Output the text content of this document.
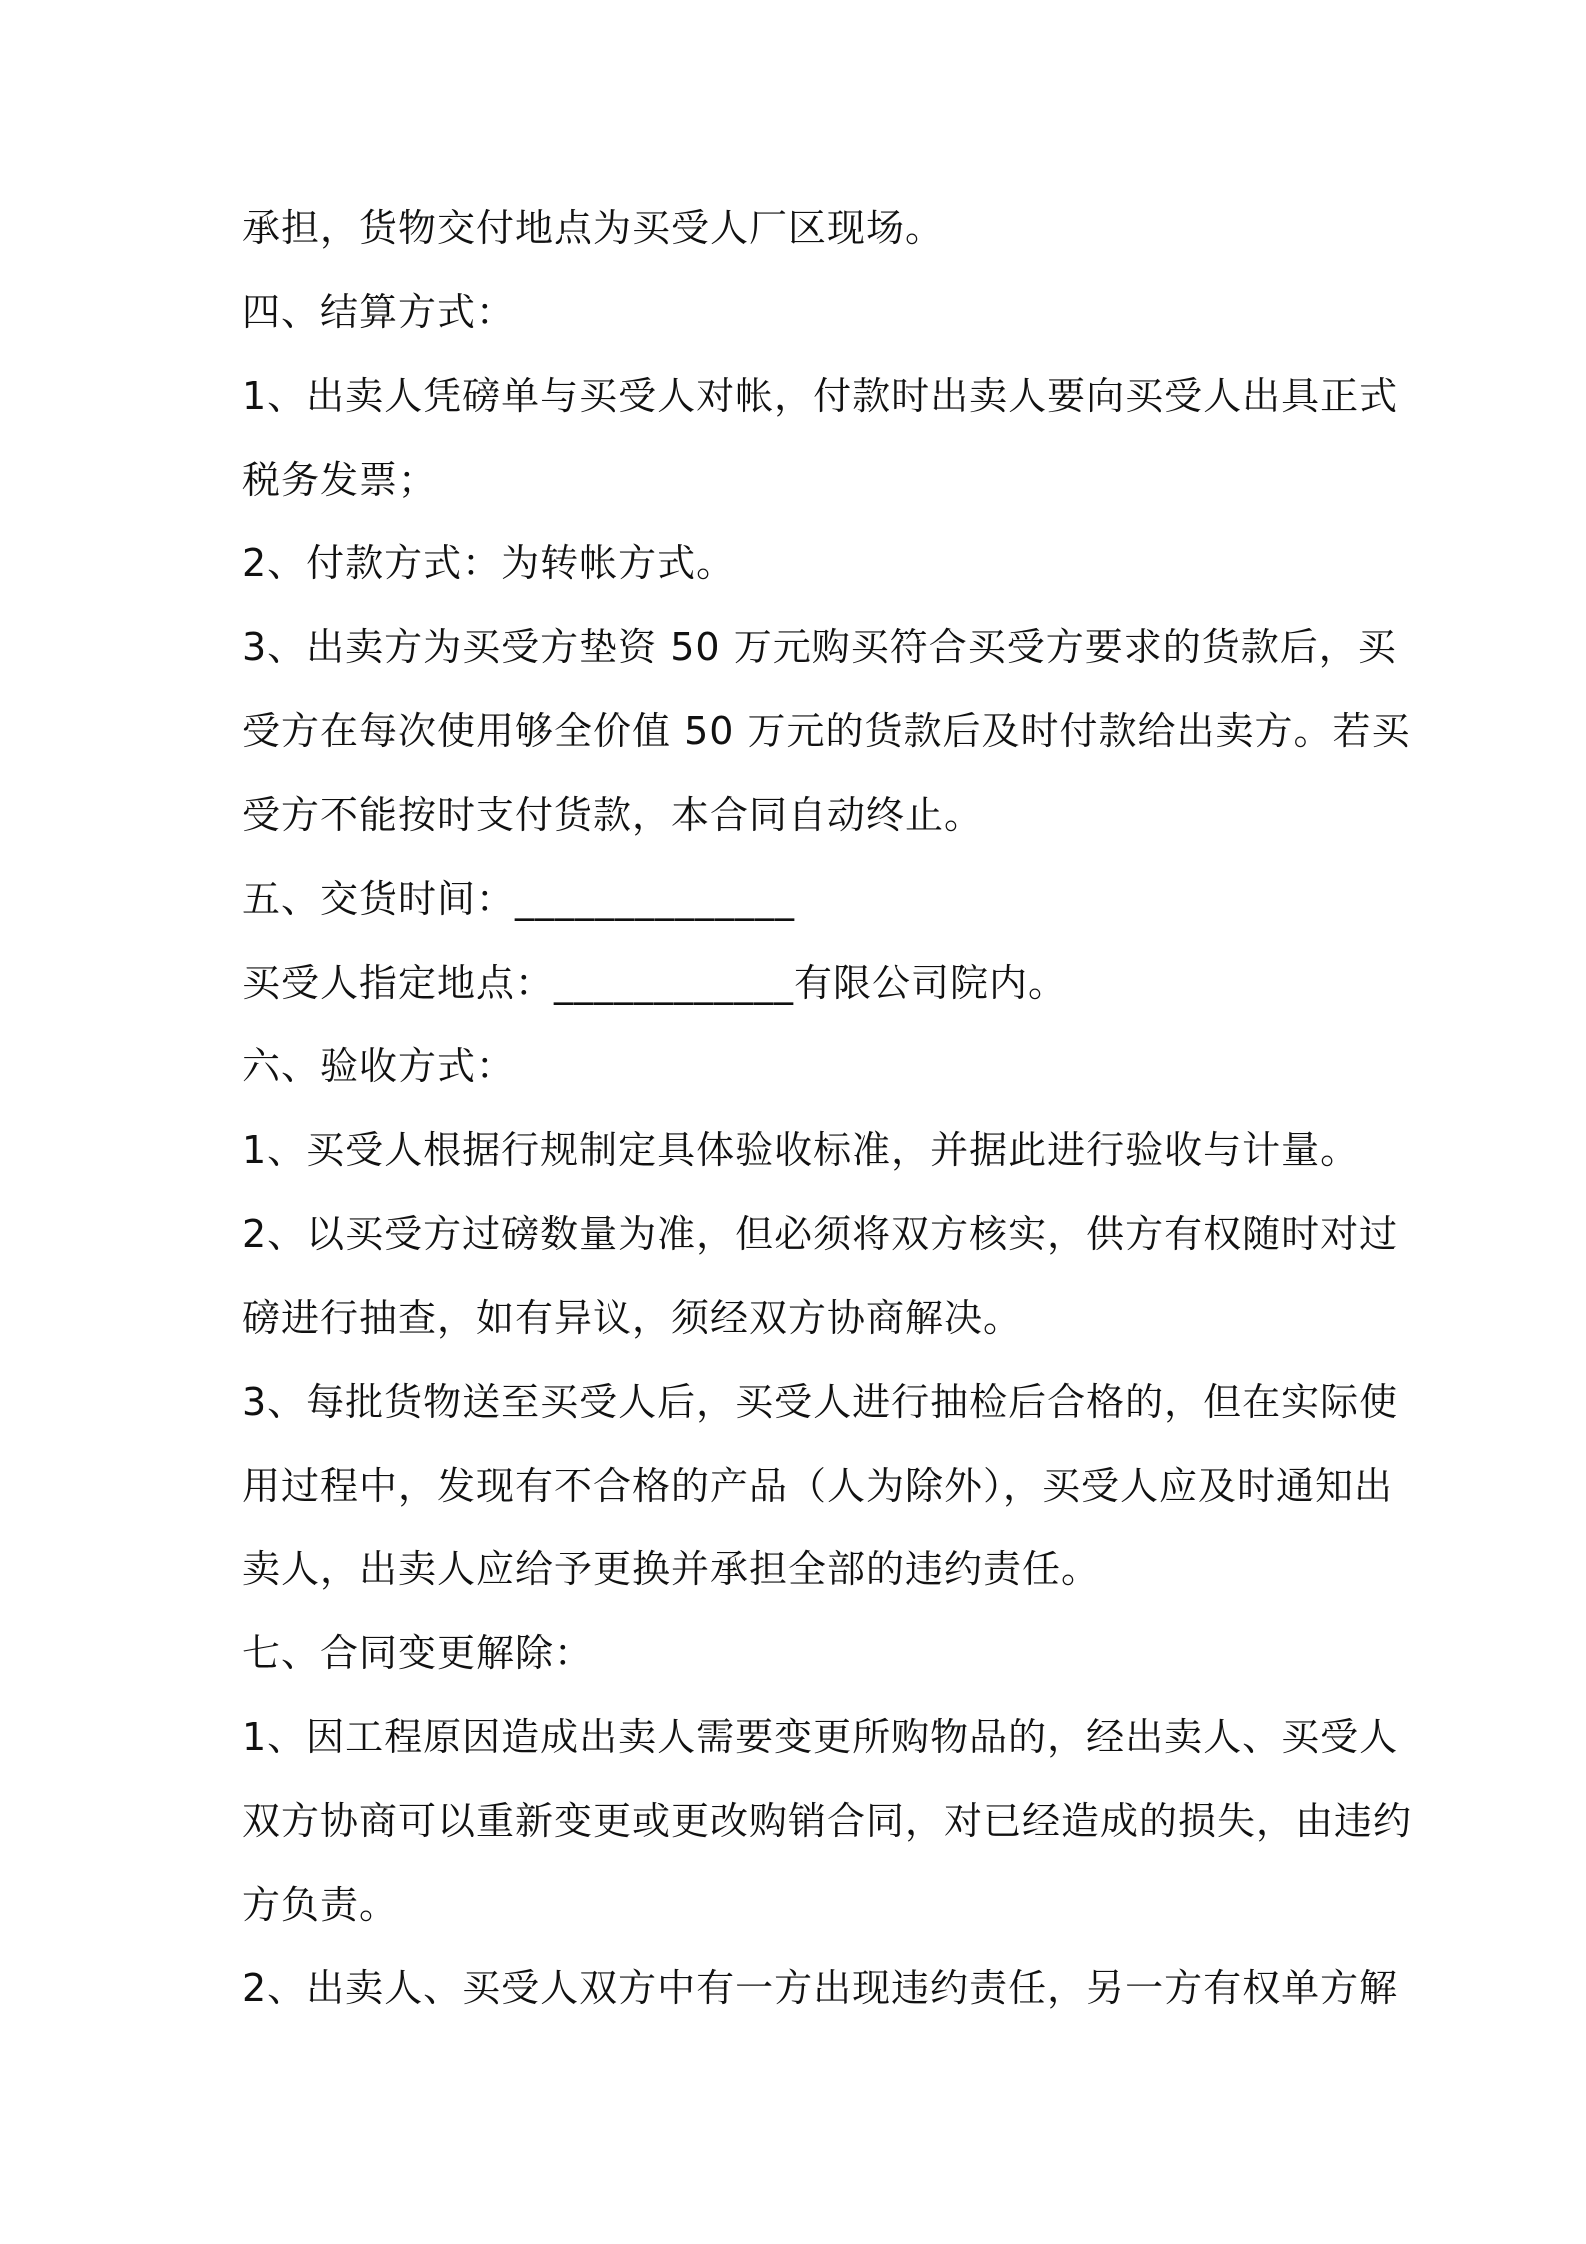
承担，货物交付地点为买受人厂区现场。
四、结算方式：
1、出卖人凭磅单与买受人对帐，付款时出卖人要向买受人出具正式
税务发票；
2、付款方式：为转帐方式。
3、出卖方为买受方垫资 50 万元购买符合买受方要求的货款后，买
受方在每次使用够全价值 50 万元的货款后及时付款给出卖方。若买
受方不能按时支付货款，本合同自动终止。
五、交货时间：______________
买受人指定地点：____________有限公司院内。
六、验收方式：
1、买受人根据行规制定具体验收标准，并据此进行验收与计量。
2、以买受方过磅数量为准，但必须将双方核实，供方有权随时对过
磅进行抽查，如有异议，须经双方协商解决。
3、每批货物送至买受人后，买受人进行抽检后合格的，但在实际使
用过程中，发现有不合格的产品（人为除外），买受人应及时通知出
卖人，出卖人应给予更换并承担全部的违约责任。
七、合同变更解除：
1、因工程原因造成出卖人需要变更所购物品的，经出卖人、买受人
双方协商可以重新变更或更改购销合同，对已经造成的损失，由违约
方负责。
2、出卖人、买受人双方中有一方出现违约责任，另一方有权单方解
